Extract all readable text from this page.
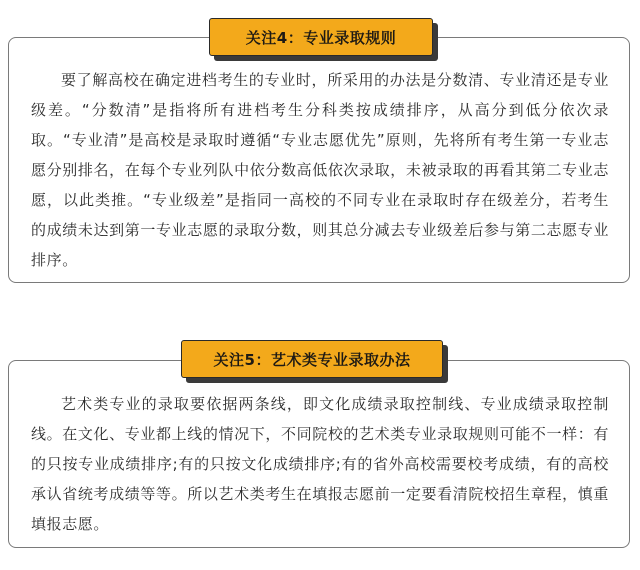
要了解高校在确定进档考生的专业时，所采用的办法是分数清、专业清还是专业级差。“分数清”是指将所有进档考生分科类按成绩排序，从高分到低分依次录取。“专业清”是高校是录取时遵循“专业志愿优先”原则，先将所有考生第一专业志愿分别排名，在每个专业列队中依分数高低依次录取，未被录取的再看其第二专业志愿，以此类推。“专业级差”是指同一高校的不同专业在录取时存在级差分，若考生的成绩未达到第一专业志愿的录取分数，则其总分减去专业级差后参与第二志愿专业排序。

关注4：专业录取规则

艺术类专业的录取要依据两条线，即文化成绩录取控制线、专业成绩录取控制线。在文化、专业都上线的情况下，不同院校的艺术类专业录取规则可能不一样：有的只按专业成绩排序;有的只按文化成绩排序;有的省外高校需要校考成绩，有的高校承认省统考成绩等等。所以艺术类考生在填报志愿前一定要看清院校招生章程，慎重填报志愿。

关注5：艺术类专业录取办法
